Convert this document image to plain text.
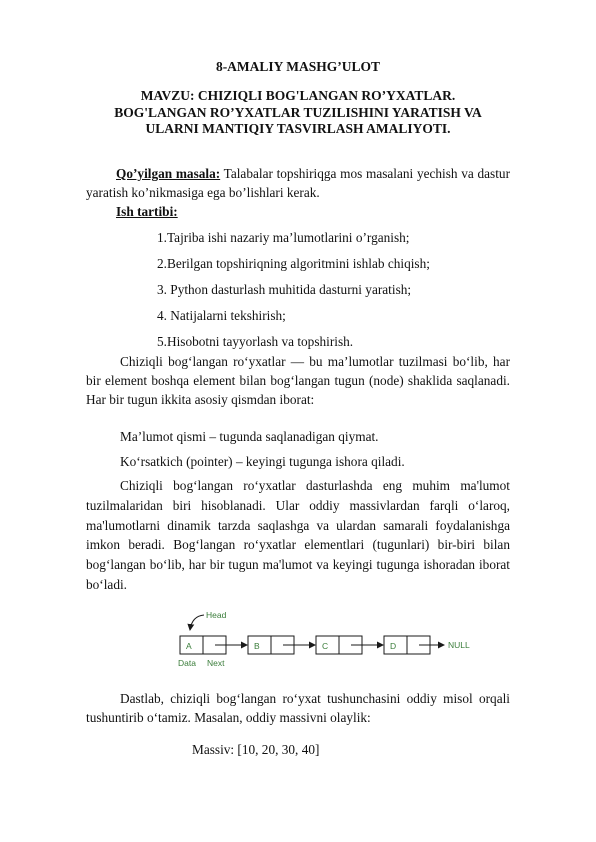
8-AMALIY MASHG’ULOT
MAVZU: CHIZIQLI BOG'LANGAN RO’YXATLAR. BOG'LANGAN RO’YXATLAR TUZILISHINI YARATISH VA ULARNI MANTIQIY TASVIRLASH AMALIYOTI.
Qo’yilgan masala: Talabalar topshiriqga mos masalani yechish va dastur yaratish ko’nikmasiga ega bo’lishlari kerak.
Ish tartibi:
1.Tajriba ishi nazariy ma’lumotlarini o’rganish;
2.Berilgan topshiriqning algoritmini ishlab chiqish;
3. Python dasturlash muhitida dasturni yaratish;
4. Natijalarni tekshirish;
5.Hisobotni tayyorlash va topshirish.
Chiziqli bog‘langan ro‘yxatlar — bu ma’lumotlar tuzilmasi bo‘lib, har bir element boshqa element bilan bog‘langan tugun (node) shaklida saqlanadi. Har bir tugun ikkita asosiy qismdan iborat:
Ma’lumot qismi – tugunda saqlanadigan qiymat.
Ko‘rsatkich (pointer) – keyingi tugunga ishora qiladi.
Chiziqli bog‘langan ro‘yxatlar dasturlashda eng muhim ma'lumot tuzilmalaridan biri hisoblanadi. Ular oddiy massivlardan farqli o‘laroq, ma'lumotlarni dinamik tarzda saqlashga va ulardan samarali foydalanishga imkon beradi. Bog‘langan ro‘yxatlar elementlari (tugunlari) bir-biri bilan bog‘langan bo‘lib, har bir tugun ma'lumot va keyingi tugunga ishoradan iborat bo‘ladi.
Head
A	B	C	D	NULL
Data Next
Dastlab, chiziqli bog‘langan ro‘yxat tushunchasini oddiy misol orqali tushuntirib o‘tamiz. Masalan, oddiy massivni olaylik:
Massiv: [10, 20, 30, 40]
